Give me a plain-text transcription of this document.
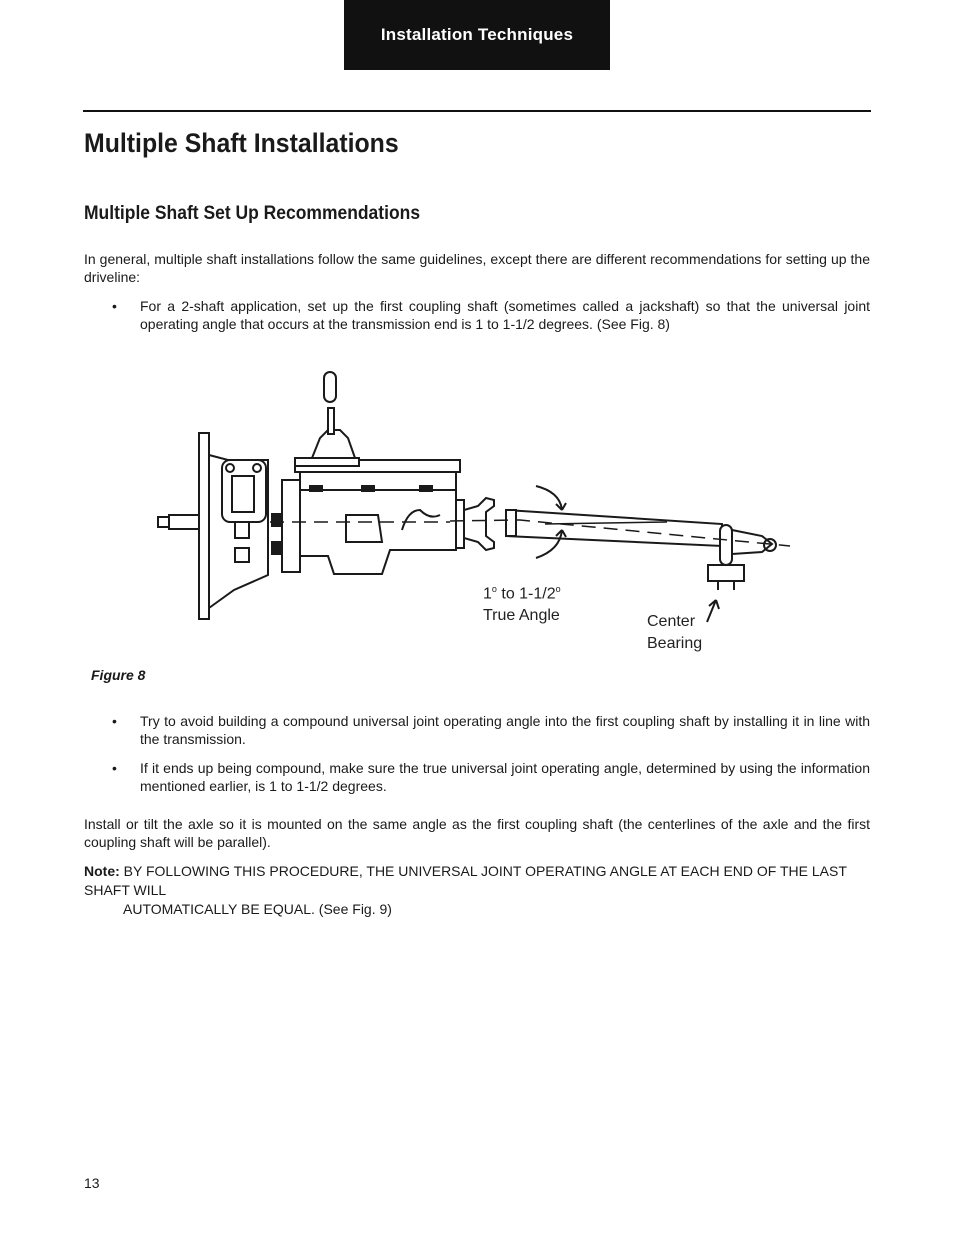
Installation Techniques
Multiple Shaft Installations
Multiple Shaft Set Up Recommendations

In general, multiple shaft installations follow the same guidelines, except there are different recommendations for setting up the driveline:

•	For a 2-shaft application, set up the first coupling shaft (sometimes called a jackshaft) so that the universal joint operating angle that occurs at the transmission end is 1 to 1-1/2 degrees. (See Fig. 8)
1$^o$ to 1-1/2$^o$
True Angle	Center
Bearing
Figure 8
•	Try to avoid building a compound universal joint operating angle into the first coupling shaft by installing it in line with the transmission.
•	If it ends up being compound, make sure the true universal joint operating angle, determined by using the information mentioned earlier, is 1 to 1-1/2 degrees.

Install or tilt the axle so it is mounted on the same angle as the first coupling shaft (the centerlines of the axle and the first coupling shaft will be parallel).

Note: BY FOLLOWING THIS PROCEDURE, THE UNIVERSAL JOINT OPERATING ANGLE AT EACH END OF THE LAST SHAFT WILL
AUTOMATICALLY BE EQUAL. (See Fig. 9)

13
